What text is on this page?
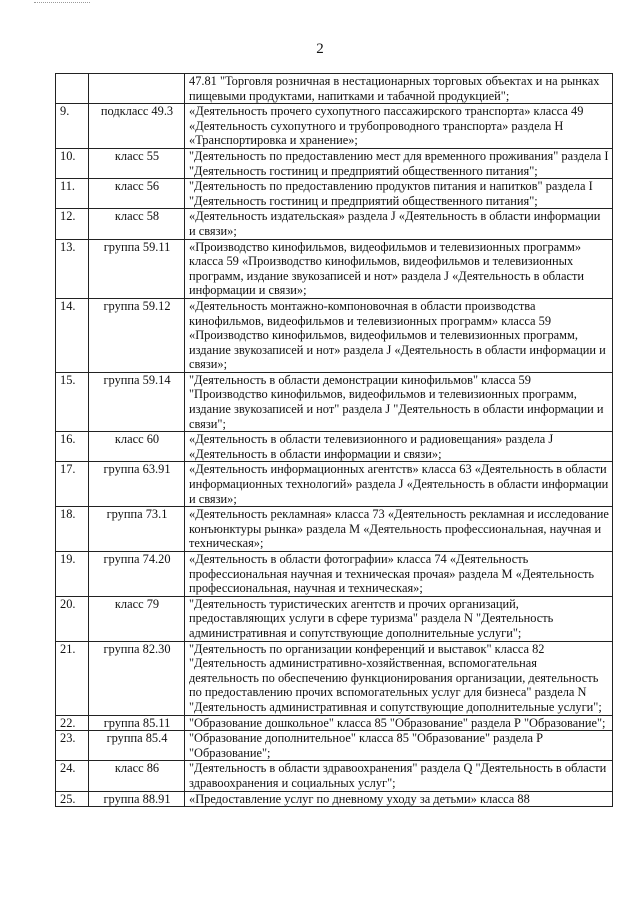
2
		47.81 "Торговля розничная в нестационарных торговых объектах и на рынках пищевыми продуктами, напитками и табачной продукцией";
9.	подкласс 49.3	«Деятельность прочего сухопутного пассажирского транспорта» класса 49 «Деятельность сухопутного и трубопроводного транспорта» раздела Н «Транспортировка и хранение»;
10.	класс 55	"Деятельность по предоставлению мест для временного проживания" раздела I "Деятельность гостиниц и предприятий общественного питания";
11.	класс 56	"Деятельность по предоставлению продуктов питания и напитков" раздела I "Деятельность гостиниц и предприятий общественного питания";
12.	класс 58	«Деятельность издательская» раздела J «Деятельность в области информации и связи»;
13.	группа 59.11	«Производство кинофильмов, видеофильмов и телевизионных программ» класса 59 «Производство кинофильмов, видеофильмов и телевизионных программ, издание звукозаписей и нот» раздела J «Деятельность в области информации и связи»;
14.	группа 59.12	«Деятельность монтажно-компоновочная в области производства кинофильмов, видеофильмов и телевизионных программ» класса 59 «Производство кинофильмов, видеофильмов и телевизионных программ, издание звукозаписей и нот» раздела J «Деятельность в области информации и связи»;
15.	группа 59.14	"Деятельность в области демонстрации кинофильмов" класса 59 "Производство кинофильмов, видеофильмов и телевизионных программ, издание звукозаписей и нот" раздела J "Деятельность в области информации и связи";
16.	класс 60	«Деятельность в области телевизионного и радиовещания» раздела J «Деятельность в области информации и связи»;
17.	группа 63.91	«Деятельность информационных агентств» класса 63 «Деятельность в области информационных технологий» раздела J «Деятельность в области информации и связи»;
18.	группа 73.1	«Деятельность рекламная» класса 73 «Деятельность рекламная и исследование конъюнктуры рынка» раздела М «Деятельность профессиональная, научная и техническая»;
19.	группа 74.20	«Деятельность в области фотографии» класса 74 «Деятельность профессиональная научная и техническая прочая» раздела М «Деятельность профессиональная, научная и техническая»;
20.	класс 79	"Деятельность туристических агентств и прочих организаций, предоставляющих услуги в сфере туризма" раздела N "Деятельность административная и сопутствующие дополнительные услуги";
21.	группа 82.30	"Деятельность по организации конференций и выставок" класса 82 "Деятельность административно-хозяйственная, вспомогательная деятельность по обеспечению функционирования организации, деятельность по предоставлению прочих вспомогательных услуг для бизнеса" раздела N "Деятельность административная и сопутствующие дополнительные услуги";
22.	группа 85.11	"Образование дошкольное" класса 85 "Образование" раздела Р "Образование";
23.	группа 85.4	"Образование дополнительное" класса 85 "Образование" раздела Р "Образование";
24.	класс 86	"Деятельность в области здравоохранения" раздела Q "Деятельность в области здравоохранения и социальных услуг";
25.	группа 88.91	«Предоставление услуг по дневному уходу за детьми» класса 88
